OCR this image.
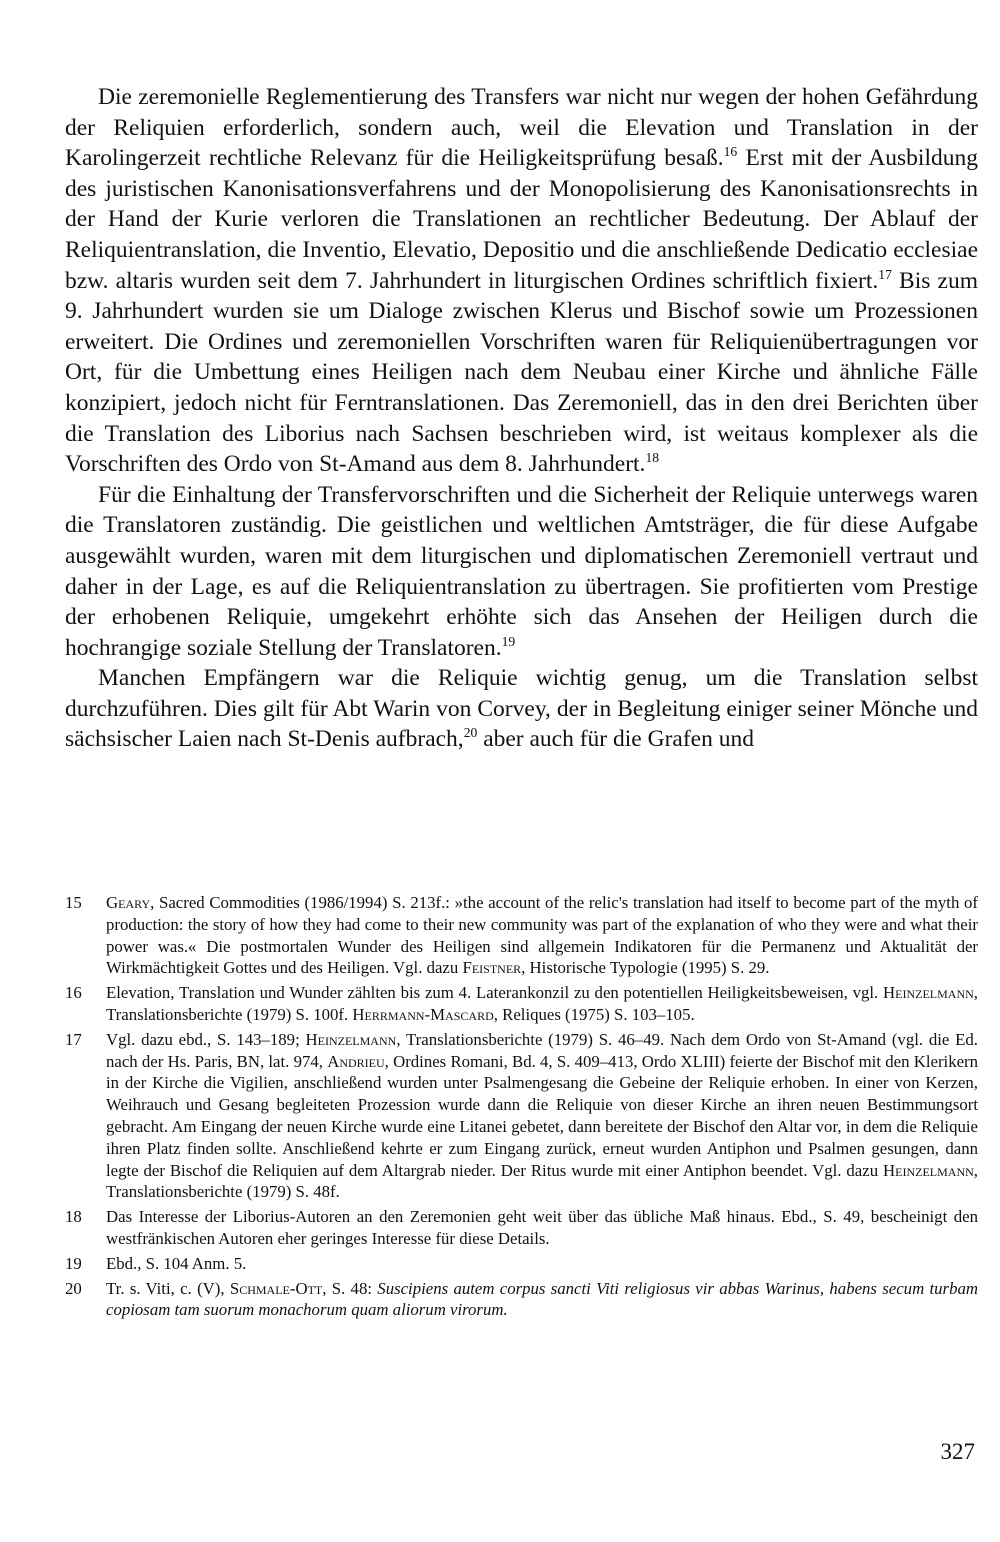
Die zeremonielle Reglementierung des Transfers war nicht nur wegen der hohen Gefährdung der Reliquien erforderlich, sondern auch, weil die Elevation und Translation in der Karolingerzeit rechtliche Relevanz für die Heiligkeitsprüfung besaß.$^{16}$ Erst mit der Ausbildung des juristischen Kanonisationsverfahrens und der Monopolisierung des Kanonisationsrechts in der Hand der Kurie verloren die Translationen an rechtlicher Bedeutung. Der Ablauf der Reliquientranslation, die Inventio, Elevatio, Depositio und die anschließende Dedicatio ecclesiae bzw. altaris wurden seit dem 7. Jahrhundert in liturgischen Ordines schriftlich fixiert.$^{17}$ Bis zum 9. Jahrhundert wurden sie um Dialoge zwischen Klerus und Bischof sowie um Prozessionen erweitert. Die Ordines und zeremoniellen Vorschriften waren für Reliquienübertragungen vor Ort, für die Umbettung eines Heiligen nach dem Neubau einer Kirche und ähnliche Fälle konzipiert, jedoch nicht für Ferntranslationen. Das Zeremoniell, das in den drei Berichten über die Translation des Liborius nach Sachsen beschrieben wird, ist weitaus komplexer als die Vorschriften des Ordo von St-Amand aus dem 8. Jahrhundert.$^{18}$

Für die Einhaltung der Transfervorschriften und die Sicherheit der Reliquie unterwegs waren die Translatoren zuständig. Die geistlichen und weltlichen Amtsträger, die für diese Aufgabe ausgewählt wurden, waren mit dem liturgischen und diplomatischen Zeremoniell vertraut und daher in der Lage, es auf die Reliquientranslation zu übertragen. Sie profitierten vom Prestige der erhobenen Reliquie, umgekehrt erhöhte sich das Ansehen der Heiligen durch die hochrangige soziale Stellung der Translatoren.$^{19}$

Manchen Empfängern war die Reliquie wichtig genug, um die Translation selbst durchzuführen. Dies gilt für Abt Warin von Corvey, der in Begleitung einiger seiner Mönche und sächsischer Laien nach St-Denis aufbrach,$^{20}$ aber auch für die Grafen und

15 Geary, Sacred Commodities (1986/1994) S. 213f.: »the account of the relic's translation had itself to become part of the myth of production: the story of how they had come to their new community was part of the explanation of who they were and what their power was.« Die postmortalen Wunder des Heiligen sind allgemein Indikatoren für die Permanenz und Aktualität der Wirkmächtigkeit Gottes und des Heiligen. Vgl. dazu Feistner, Historische Typologie (1995) S. 29.
16 Elevation, Translation und Wunder zählten bis zum 4. Laterankonzil zu den potentiellen Heiligkeitsbeweisen, vgl. Heinzelmann, Translationsberichte (1979) S. 100f. Herrmann-Mascard, Reliques (1975) S. 103–105.
17 Vgl. dazu ebd., S. 143–189; Heinzelmann, Translationsberichte (1979) S. 46–49. Nach dem Ordo von St-Amand (vgl. die Ed. nach der Hs. Paris, BN, lat. 974, Andrieu, Ordines Romani, Bd. 4, S. 409–413, Ordo XLIII) feierte der Bischof mit den Klerikern in der Kirche die Vigilien, anschließend wurden unter Psalmengesang die Gebeine der Reliquie erhoben. In einer von Kerzen, Weihrauch und Gesang begleiteten Prozession wurde dann die Reliquie von dieser Kirche an ihren neuen Bestimmungsort gebracht. Am Eingang der neuen Kirche wurde eine Litanei gebetet, dann bereitete der Bischof den Altar vor, in dem die Reliquie ihren Platz finden sollte. Anschließend kehrte er zum Eingang zurück, erneut wurden Antiphon und Psalmen gesungen, dann legte der Bischof die Reliquien auf dem Altargrab nieder. Der Ritus wurde mit einer Antiphon beendet. Vgl. dazu Heinzelmann, Translationsberichte (1979) S. 48f.
18 Das Interesse der Liborius-Autoren an den Zeremonien geht weit über das übliche Maß hinaus. Ebd., S. 49, bescheinigt den westfränkischen Autoren eher geringes Interesse für diese Details.
19 Ebd., S. 104 Anm. 5.
20 Tr. s. Viti, c. (V), Schmale-Ott, S. 48: Suscipiens autem corpus sancti Viti religiosus vir abbas Warinus, habens secum turbam copiosam tam suorum monachorum quam aliorum virorum.
327
